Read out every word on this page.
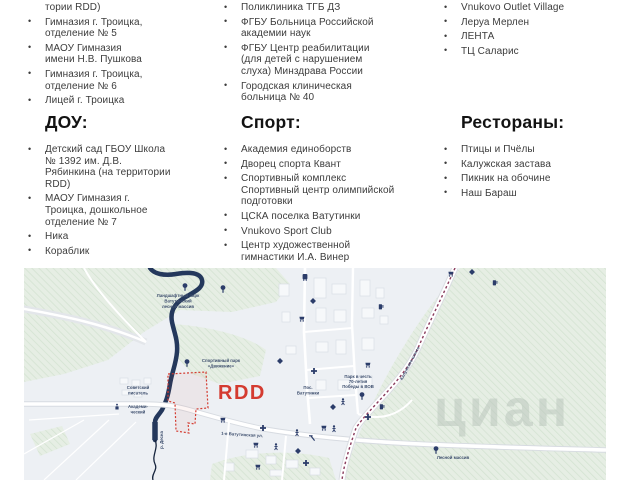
тории RDD)
• Гимназия г. Троицка, отделение № 5
• МАОУ Гимназия имени Н.В. Пушкова
• Гимназия г. Троицка, отделение № 6
• Лицей г. Троицка
• Поликлиника ТГБ ДЗ
• ФГБУ Больница Российской академии наук
• ФГБУ Центр реабилитации (для детей с нарушением слуха) Минздрава России
• Городская клиническая больница № 40
• Vnukovo Outlet Village
• Леруа Мерлен
• ЛЕНТА
• ТЦ Саларис
ДОУ:
• Детский сад ГБОУ Школа № 1392 им. Д.В. Рябинкина (на территории RDD)
• МАОУ Гимназия г. Троицка, дошкольное отделение № 7
• Ника
• Кораблик
Спорт:
• Академия единоборств
• Дворец спорта Квант
• Спортивный комплекс Спортивный центр олимпийской подготовки
• ЦСКА поселка Ватутинки
• Vnukovo Sport Club
• Центр художественной гимнастики И.А. Винер
Рестораны:
• Птицы и Пчёлы
• Калужская застава
• Пикник на обочине
• Наш Бараш
циан
RDD
Ландшафтный парк
Ватутинский
лесной массив
Спортивный парк
«Движение»
Советский
писатель
Академи-
ческий
Пос.
Ватутинки
Парк в честь
70-летия
Победы в ВОВ
1-я Ватутинская ул.
Калужское шоссе
р. Десна
Лесной массив
